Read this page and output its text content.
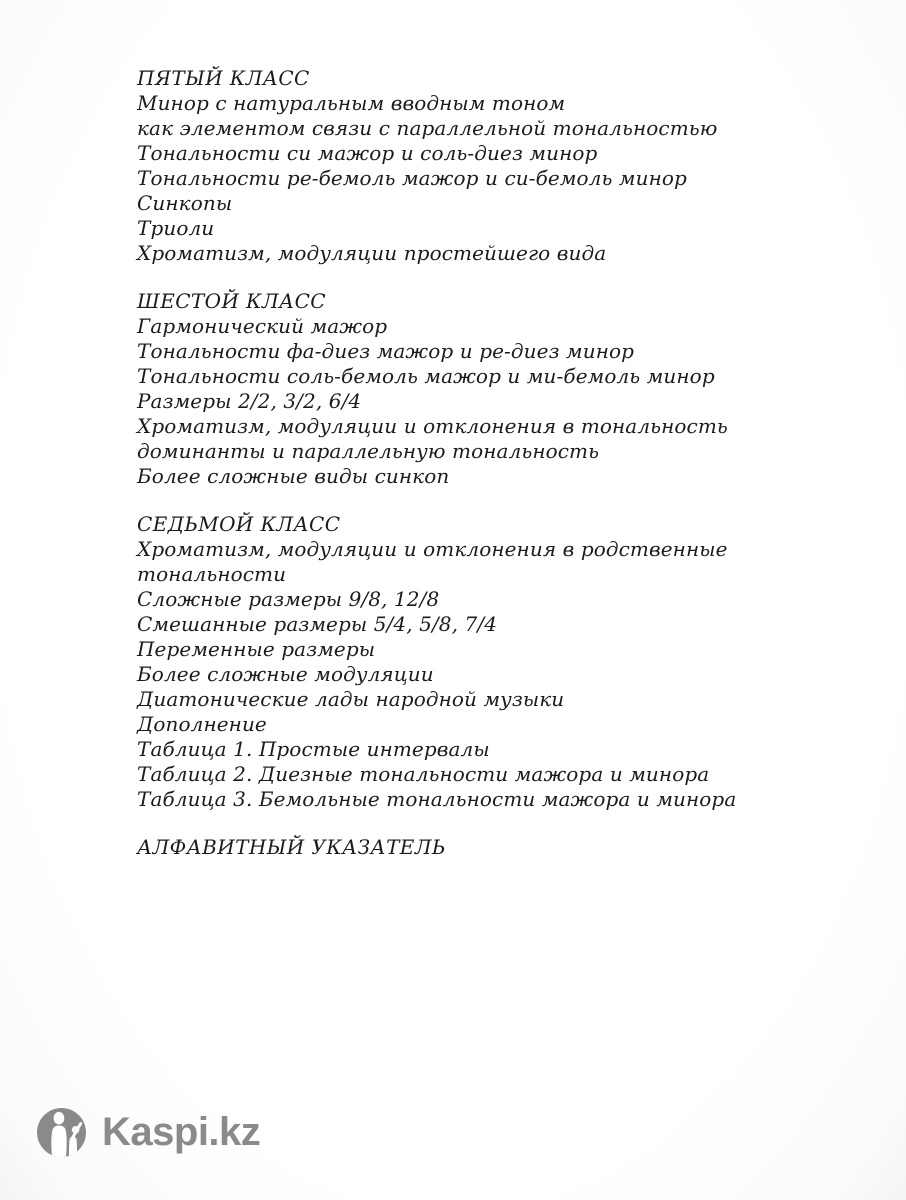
ПЯТЫЙ КЛАСС
Минор с натуральным вводным тоном
как элементом связи с параллельной тональностью
Тональности си мажор и соль-диез минор
Тональности ре-бемоль мажор и си-бемоль минор
Синкопы
Триоли
Хроматизм, модуляции простейшего вида
ШЕСТОЙ КЛАСС
Гармонический мажор
Тональности фа-диез мажор и ре-диез минор
Тональности соль-бемоль мажор и ми-бемоль минор
Размеры 2/2, 3/2, 6/4
Хроматизм, модуляции и отклонения в тональность
доминанты и параллельную тональность
Более сложные виды синкоп
СЕДЬМОЙ КЛАСС
Хроматизм, модуляции и отклонения в родственные
тональности
Сложные размеры 9/8, 12/8
Смешанные размеры 5/4, 5/8, 7/4
Переменные размеры
Более сложные модуляции
Диатонические лады народной музыки
Дополнение
Таблица 1. Простые интервалы
Таблица 2. Диезные тональности мажора и минора
Таблица 3. Бемольные тональности мажора и минора
АЛФАВИТНЫЙ УКАЗАТЕЛЬ
Kaspi.kz
